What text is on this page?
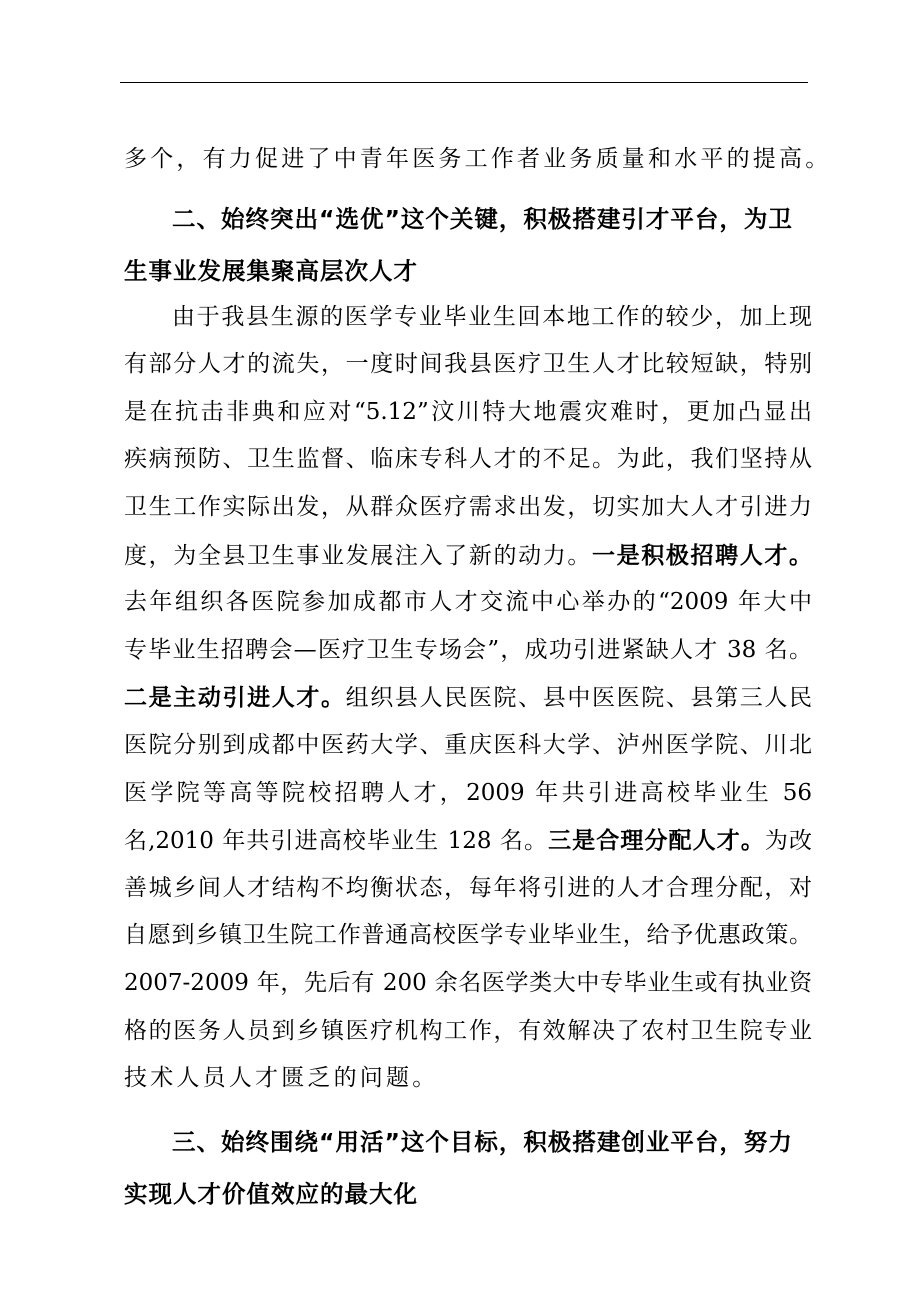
多个，有力促进了中青年医务工作者业务质量和水平的提高。
二、始终突出“选优”这个关键，积极搭建引才平台，为卫
生事业发展集聚高层次人才
由于我县生源的医学专业毕业生回本地工作的较少，加上现
有部分人才的流失，一度时间我县医疗卫生人才比较短缺，特别
是在抗击非典和应对“5.12”汶川特大地震灾难时，更加凸显出
疾病预防、卫生监督、临床专科人才的不足。为此，我们坚持从
卫生工作实际出发，从群众医疗需求出发，切实加大人才引进力
度，为全县卫生事业发展注入了新的动力。一是积极招聘人才。
去年组织各医院参加成都市人才交流中心举办的“2009 年大中
专毕业生招聘会—医疗卫生专场会”，成功引进紧缺人才 38 名。
二是主动引进人才。组织县人民医院、县中医医院、县第三人民
医院分别到成都中医药大学、重庆医科大学、泸州医学院、川北
医学院等高等院校招聘人才，2009 年共引进高校毕业生 56
名,2010 年共引进高校毕业生 128 名。三是合理分配人才。为改
善城乡间人才结构不均衡状态，每年将引进的人才合理分配，对
自愿到乡镇卫生院工作普通高校医学专业毕业生，给予优惠政策。
2007-2009 年，先后有 200 余名医学类大中专毕业生或有执业资
格的医务人员到乡镇医疗机构工作，有效解决了农村卫生院专业
技术人员人才匮乏的问题。
三、始终围绕“用活”这个目标，积极搭建创业平台，努力
实现人才价值效应的最大化
